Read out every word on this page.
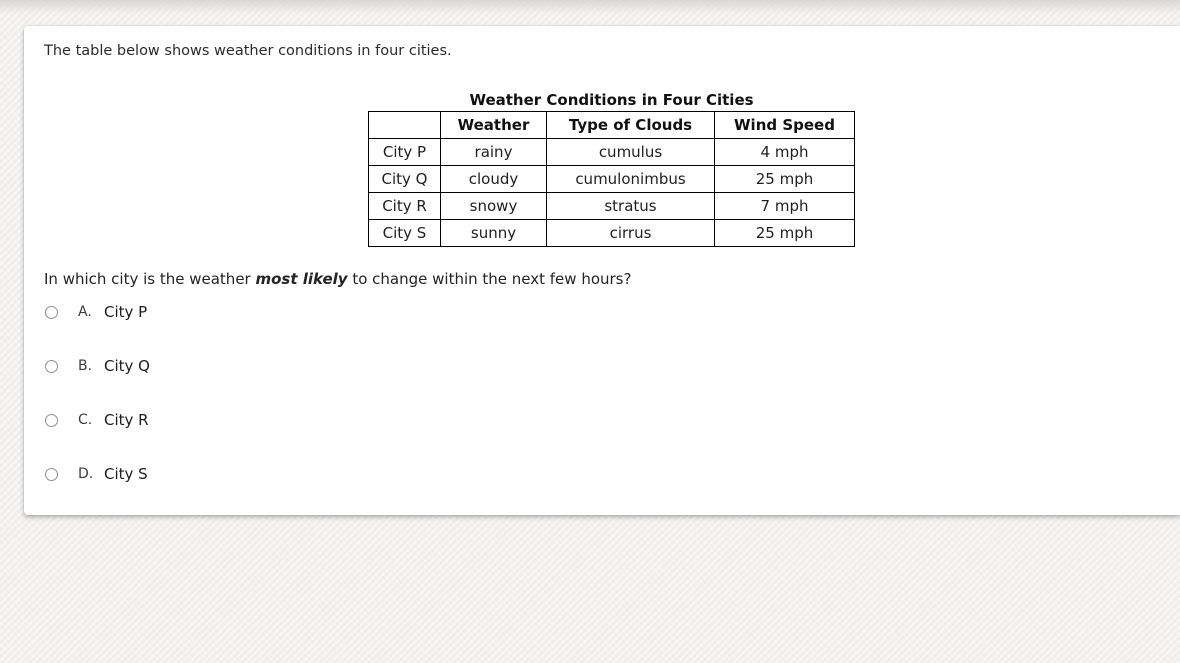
The table below shows weather conditions in four cities.
Weather Conditions in Four Cities
	Weather	Type of Clouds	Wind Speed
City P	rainy	cumulus	4 mph
City Q	cloudy	cumulonimbus	25 mph
City R	snowy	stratus	7 mph
City S	sunny	cirrus	25 mph
In which city is the weather most likely to change within the next few hours?
A. City P
B. City Q
C. City R
D. City S
